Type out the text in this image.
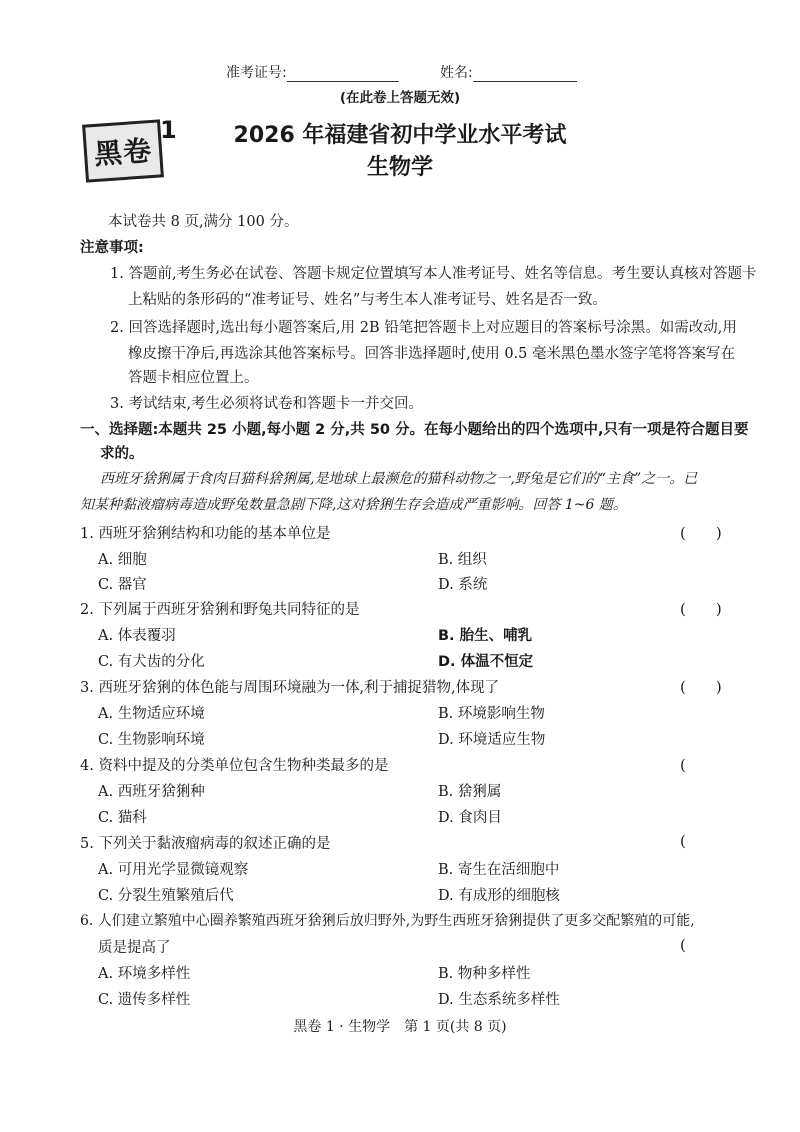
准考证号:	姓名:
(在此卷上答题无效)
黑卷
1	2026 年福建省初中学业水平考试
生物学
本试卷共 8 页,满分 100 分。
注意事项:
1. 答题前,考生务必在试卷、答题卡规定位置填写本人准考证号、姓名等信息。考生要认真核对答题卡
上粘贴的条形码的“准考证号、姓名”与考生本人准考证号、姓名是否一致。
2. 回答选择题时,选出每小题答案后,用 2B 铅笔把答题卡上对应题目的答案标号涂黑。如需改动,用
橡皮擦干净后,再选涂其他答案标号。回答非选择题时,使用 0.5 毫米黑色墨水签字笔将答案写在
答题卡相应位置上。
3. 考试结束,考生必须将试卷和答题卡一并交回。
一、选择题:本题共 25 小题,每小题 2 分,共 50 分。在每小题给出的四个选项中,只有一项是符合题目要
求的。
西班牙猞猁属于食肉目猫科猞猁属,是地球上最濒危的猫科动物之一,野兔是它们的“主食”之一。已
知某种黏液瘤病毒造成野兔数量急剧下降,这对猞猁生存会造成严重影响。回答 1~6 题。
1. 西班牙猞猁结构和功能的基本单位是	(　　)
A. 细胞	B. 组织
C. 器官	D. 系统
2. 下列属于西班牙猞猁和野兔共同特征的是	(　　)
A. 体表覆羽	B. 胎生、哺乳
C. 有犬齿的分化	D. 体温不恒定
3. 西班牙猞猁的体色能与周围环境融为一体,利于捕捉猎物,体现了	(　　)
A. 生物适应环境	B. 环境影响生物
C. 生物影响环境	D. 环境适应生物
4. 资料中提及的分类单位包含生物种类最多的是	(　　
A. 西班牙猞猁种	B. 猞猁属
C. 猫科	D. 食肉目
5. 下列关于黏液瘤病毒的叙述正确的是	(
A. 可用光学显微镜观察	B. 寄生在活细胞中
C. 分裂生殖繁殖后代	D. 有成形的细胞核
6. 人们建立繁殖中心圈养繁殖西班牙猞猁后放归野外,为野生西班牙猞猁提供了更多交配繁殖的可能,
质是提高了	(
A. 环境多样性	B. 物种多样性
C. 遗传多样性	D. 生态系统多样性
黑卷 1 · 生物学　第 1 页(共 8 页)
